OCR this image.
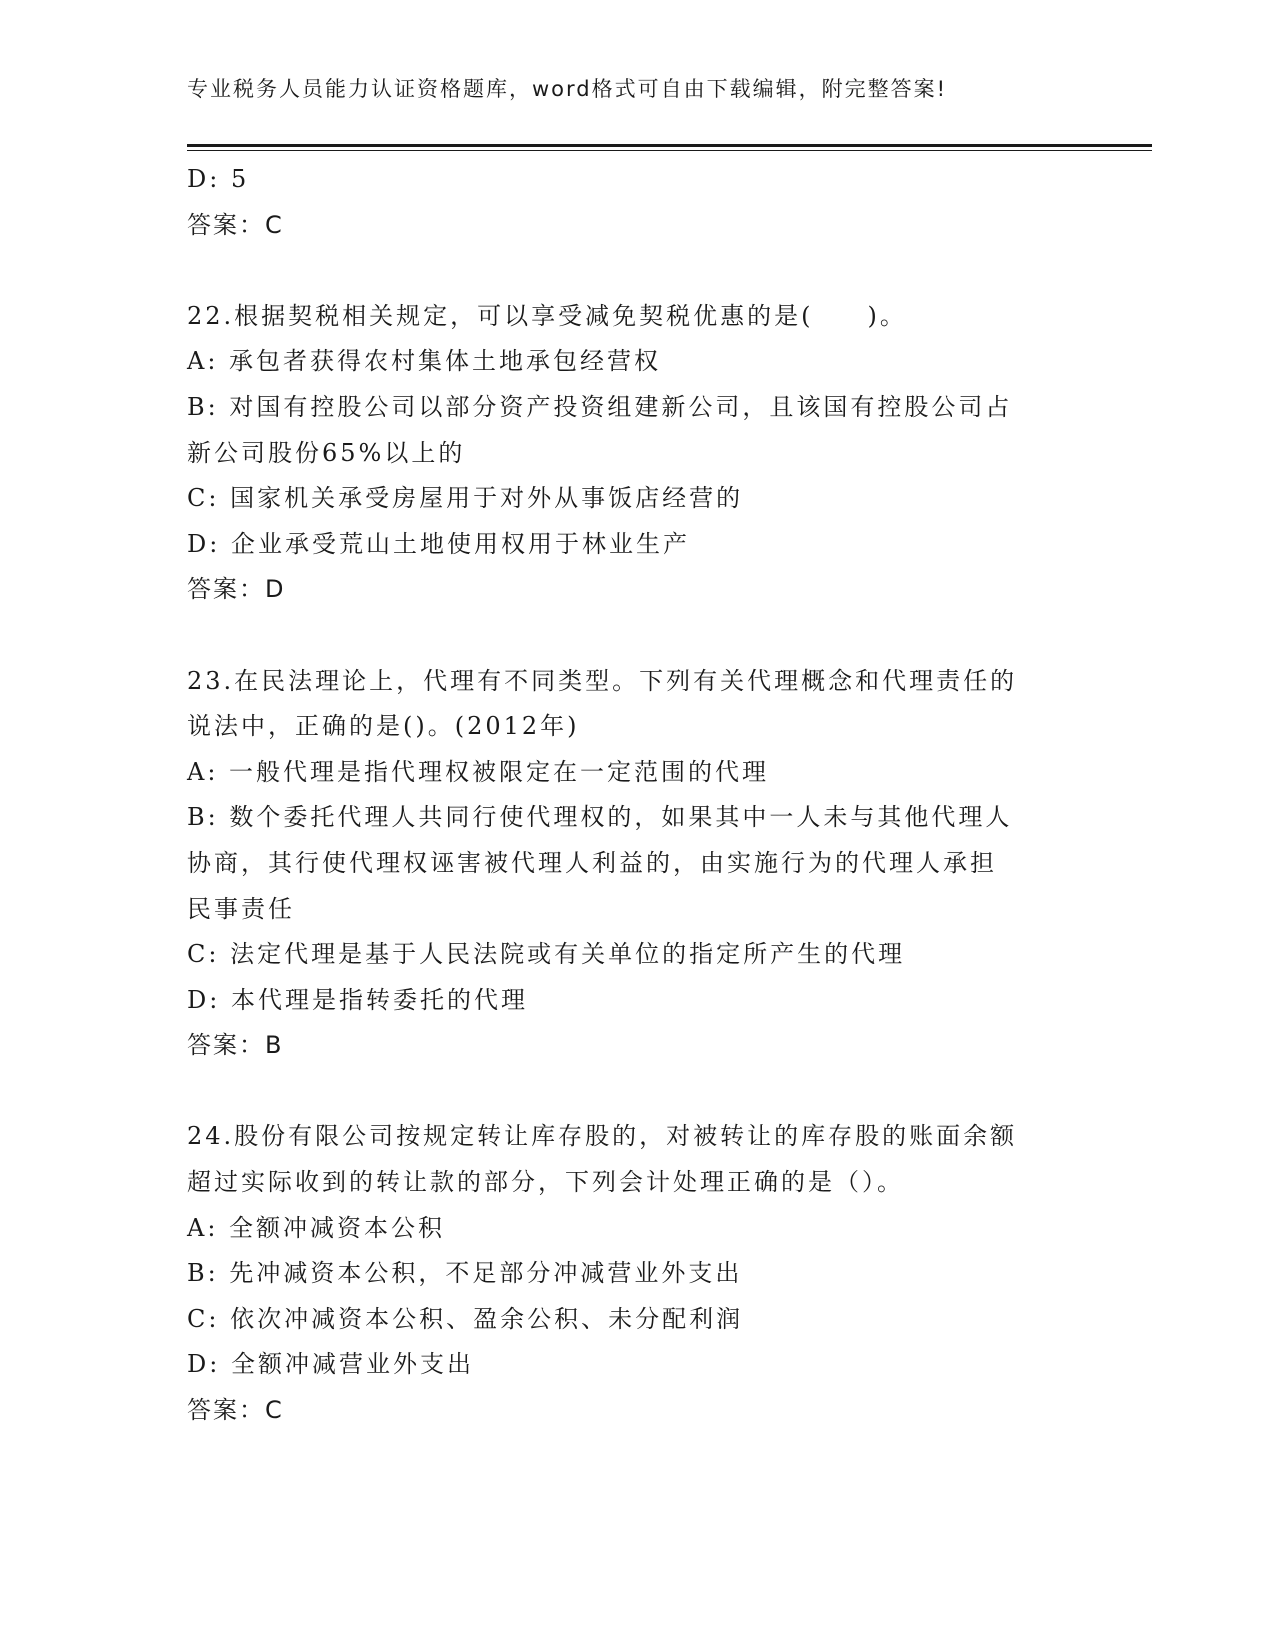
专业税务人员能力认证资格题库，word格式可自由下载编辑，附完整答案!
D: 5
答案：C
22.根据契税相关规定，可以享受减免契税优惠的是(　　)。
A: 承包者获得农村集体土地承包经营权
B: 对国有控股公司以部分资产投资组建新公司，且该国有控股公司占
新公司股份65%以上的
C: 国家机关承受房屋用于对外从事饭店经营的
D: 企业承受荒山土地使用权用于林业生产
答案：D
23.在民法理论上，代理有不同类型。下列有关代理概念和代理责任的
说法中，正确的是()。(2012年)
A: 一般代理是指代理权被限定在一定范围的代理
B: 数个委托代理人共同行使代理权的，如果其中一人未与其他代理人
协商，其行使代理权诬害被代理人利益的，由实施行为的代理人承担
民事责任
C: 法定代理是基于人民法院或有关单位的指定所产生的代理
D: 本代理是指转委托的代理
答案：B
24.股份有限公司按规定转让库存股的，对被转让的库存股的账面余额
超过实际收到的转让款的部分，下列会计处理正确的是（）。
A: 全额冲减资本公积
B: 先冲减资本公积，不足部分冲减营业外支出
C: 依次冲减资本公积、盈余公积、未分配利润
D: 全额冲减营业外支出
答案：C
